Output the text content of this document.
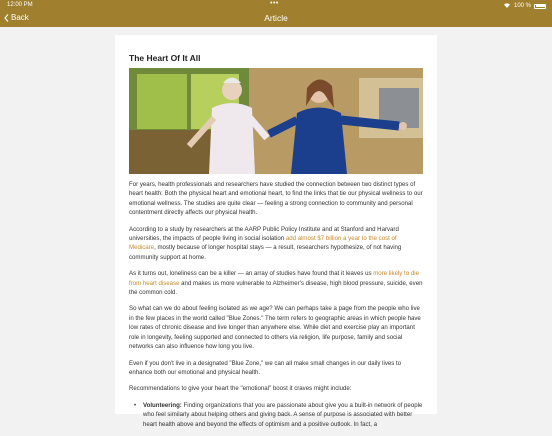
12:00 PM	•••	100 %
Back	Article
The Heart Of It All

For years, health professionals and researchers have studied the connection between two distinct types of heart health: Both the physical heart and emotional heart, to find the links that tie our physical wellness to our emotional wellness. The studies are quite clear — feeling a strong connection to community and personal contentment directly affects our physical health.

According to a study by researchers at the AARP Public Policy Institute and at Stanford and Harvard universities, the impacts of people living in social isolation add almost $7 billion a year to the cost of Medicare, mostly because of longer hospital stays — a result, researchers hypothesize, of not having community support at home.

As it turns out, loneliness can be a killer — an array of studies have found that it leaves us more likely to die from heart disease and makes us more vulnerable to Alzheimer's disease, high blood pressure, suicide, even the common cold.

So what can we do about feeling isolated as we age? We can perhaps take a page from the people who live in the few places in the world called "Blue Zones." The term refers to geographic areas in which people have low rates of chronic disease and live longer than anywhere else. While diet and exercise play an important role in longevity, feeling supported and connected to others via religion, life purpose, family and social networks can also influence how long you live.

Even if you don't live in a designated "Blue Zone," we can all make small changes in our daily lives to enhance both our emotional and physical health.

Recommendations to give your heart the "emotional" boost it craves might include:

• Volunteering: Finding organizations that you are passionate about give you a built-in network of people who feel similarly about helping others and giving back. A sense of purpose is associated with better heart health above and beyond the effects of optimism and a positive outlook. In fact, a
